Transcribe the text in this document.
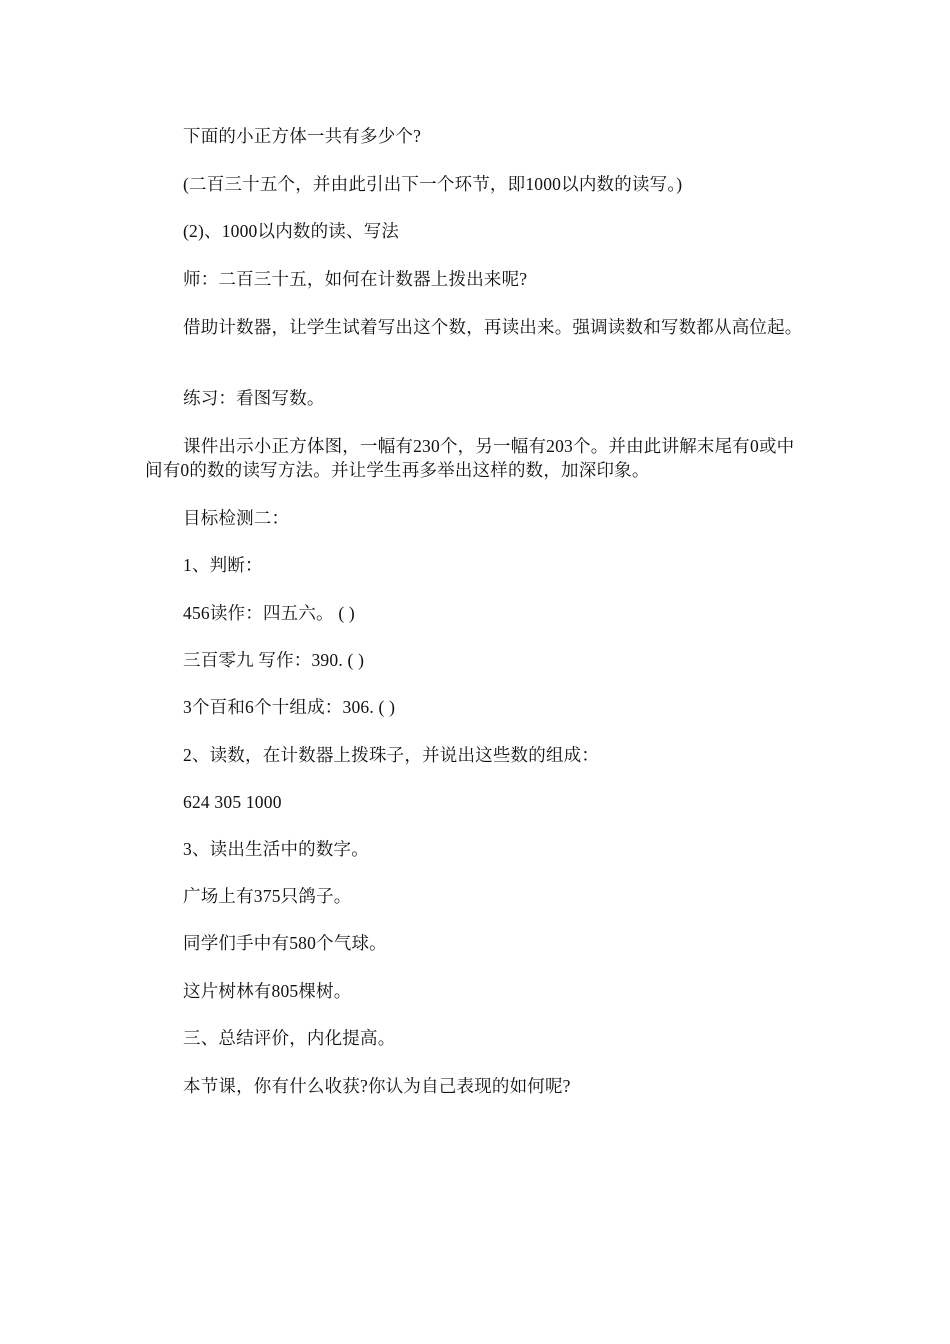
下面的小正方体一共有多少个?

(二百三十五个，并由此引出下一个环节，即1000以内数的读写。)

(2)、1000以内数的读、写法

师：二百三十五，如何在计数器上拨出来呢?

借助计数器，让学生试着写出这个数，再读出来。强调读数和写数都从高位起。

练习：看图写数。

课件出示小正方体图，一幅有230个，另一幅有203个。并由此讲解末尾有0或中间有0的数的读写方法。并让学生再多举出这样的数，加深印象。

目标检测二：

1、判断：

456读作：四五六。 ( )

三百零九 写作：390. ( )

3个百和6个十组成：306. ( )

2、读数，在计数器上拨珠子，并说出这些数的组成：

624 305 1000

3、读出生活中的数字。

广场上有375只鸽子。

同学们手中有580个气球。

这片树林有805棵树。

三、总结评价，内化提高。

本节课，你有什么收获?你认为自己表现的如何呢?
